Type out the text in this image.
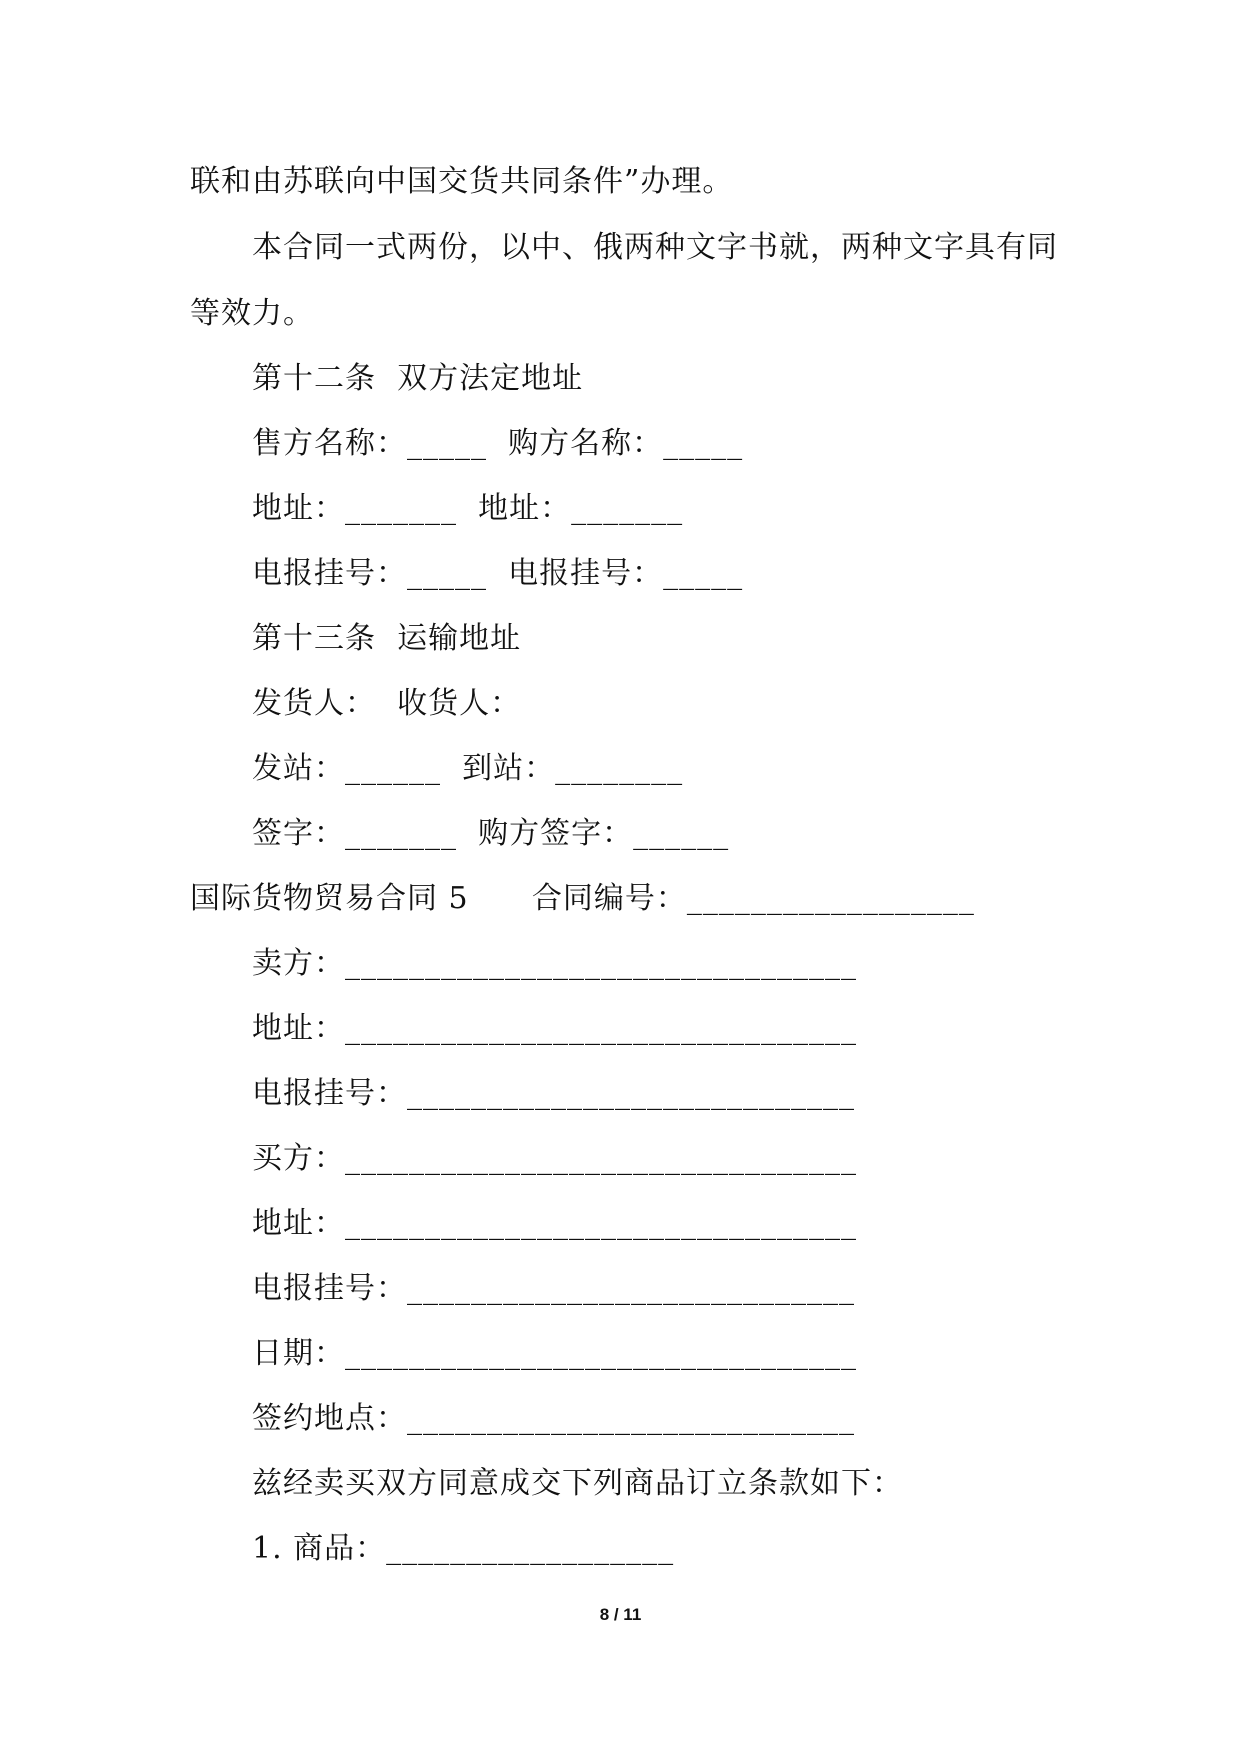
联和由苏联向中国交货共同条件”办理。
本合同一式两份，以中、俄两种文字书就，两种文字具有同
等效力。
第十二条  双方法定地址
售方名称：_____  购方名称：_____
地址：_______  地址：_______
电报挂号：_____  电报挂号：_____
第十三条  运输地址
发货人：  收货人：
发站：______  到站：________
签字：_______  购方签字：______
国际货物贸易合同 5      合同编号：__________________
卖方：________________________________
地址：________________________________
电报挂号：____________________________
买方：________________________________
地址：________________________________
电报挂号：____________________________
日期：________________________________
签约地点：____________________________
兹经卖买双方同意成交下列商品订立条款如下：
1. 商品：__________________
8 / 11
